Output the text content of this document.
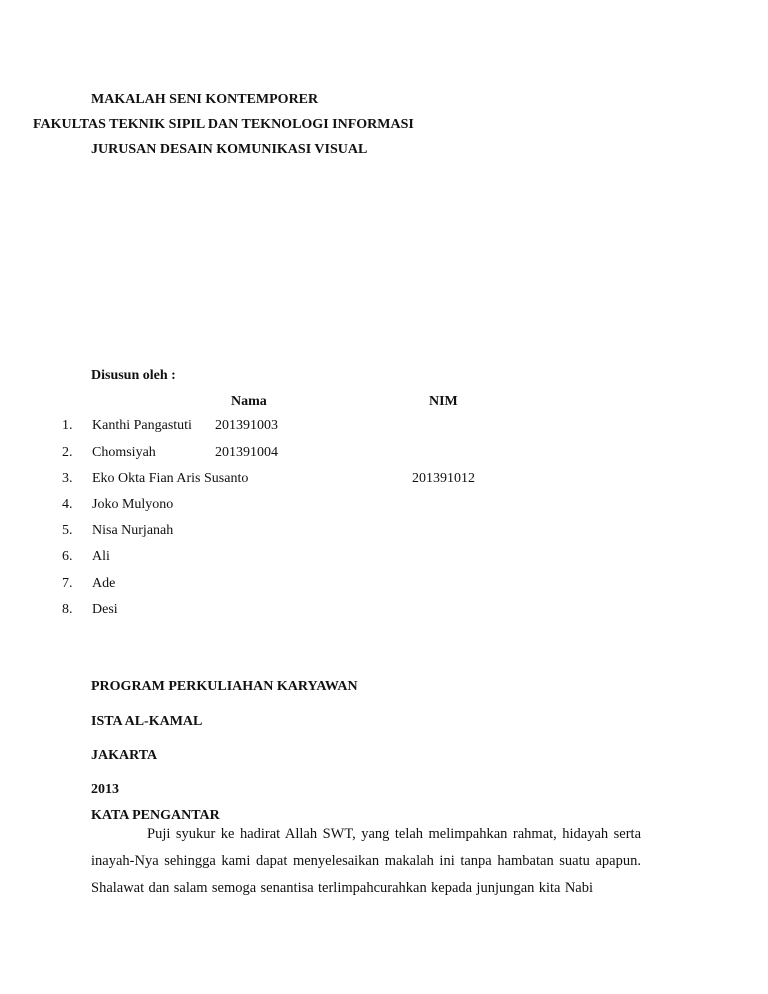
MAKALAH SENI KONTEMPORER
FAKULTAS TEKNIK SIPIL DAN TEKNOLOGI INFORMASI
JURUSAN DESAIN KOMUNIKASI VISUAL
Disusun oleh :
Nama	NIM
1. Kanthi Pangastuti 201391003
2. Chomsiyah	201391004
3. Eko Okta Fian Aris Susanto	201391012
4. Joko Mulyono
5. Nisa Nurjanah
6. Ali
7. Ade
8. Desi
PROGRAM PERKULIAHAN KARYAWAN
ISTA AL-KAMAL
JAKARTA
2013
KATA PENGANTAR
Puji syukur ke hadirat Allah SWT, yang telah melimpahkan rahmat, hidayah serta
inayah-Nya sehingga kami dapat menyelesaikan makalah ini tanpa hambatan suatu apapun.
Shalawat dan salam semoga senantisa terlimpahcurahkan kepada junjungan kita Nabi
